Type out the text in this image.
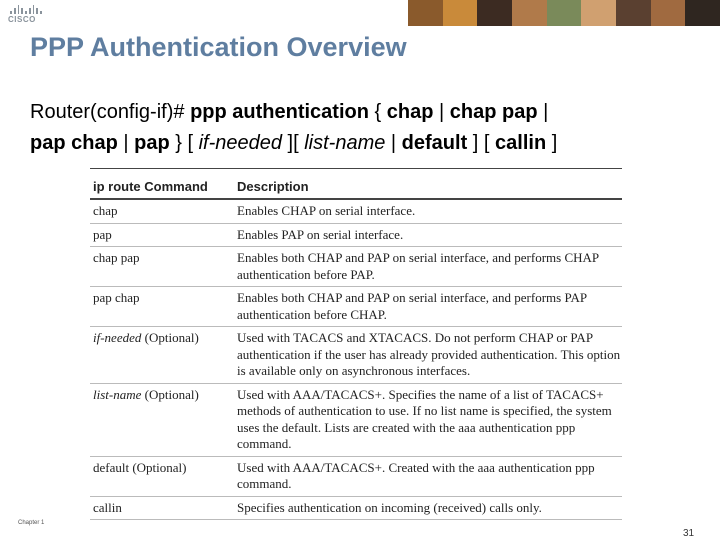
CISCO
PPP Authentication Overview
Router(config-if)# ppp authentication { chap | chap pap |
pap chap | pap } [ if-needed ][ list-name | default ] [ callin ]
ip route Command	Description
chap	Enables CHAP on serial interface.
pap	Enables PAP on serial interface.
chap pap	Enables both CHAP and PAP on serial interface, and performs CHAP authentication before PAP.
pap chap	Enables both CHAP and PAP on serial interface, and performs PAP authentication before CHAP.
if-needed (Optional)	Used with TACACS and XTACACS. Do not perform CHAP or PAP authentication if the user has already provided authentication. This option is available only on asynchronous interfaces.
list-name (Optional)	Used with AAA/TACACS+. Specifies the name of a list of TACACS+ methods of authentication to use. If no list name is specified, the system uses the default. Lists are created with the aaa authentication ppp command.
default (Optional)	Used with AAA/TACACS+. Created with the aaa authentication ppp command.
callin	Specifies authentication on incoming (received) calls only.
Chapter 1
31
